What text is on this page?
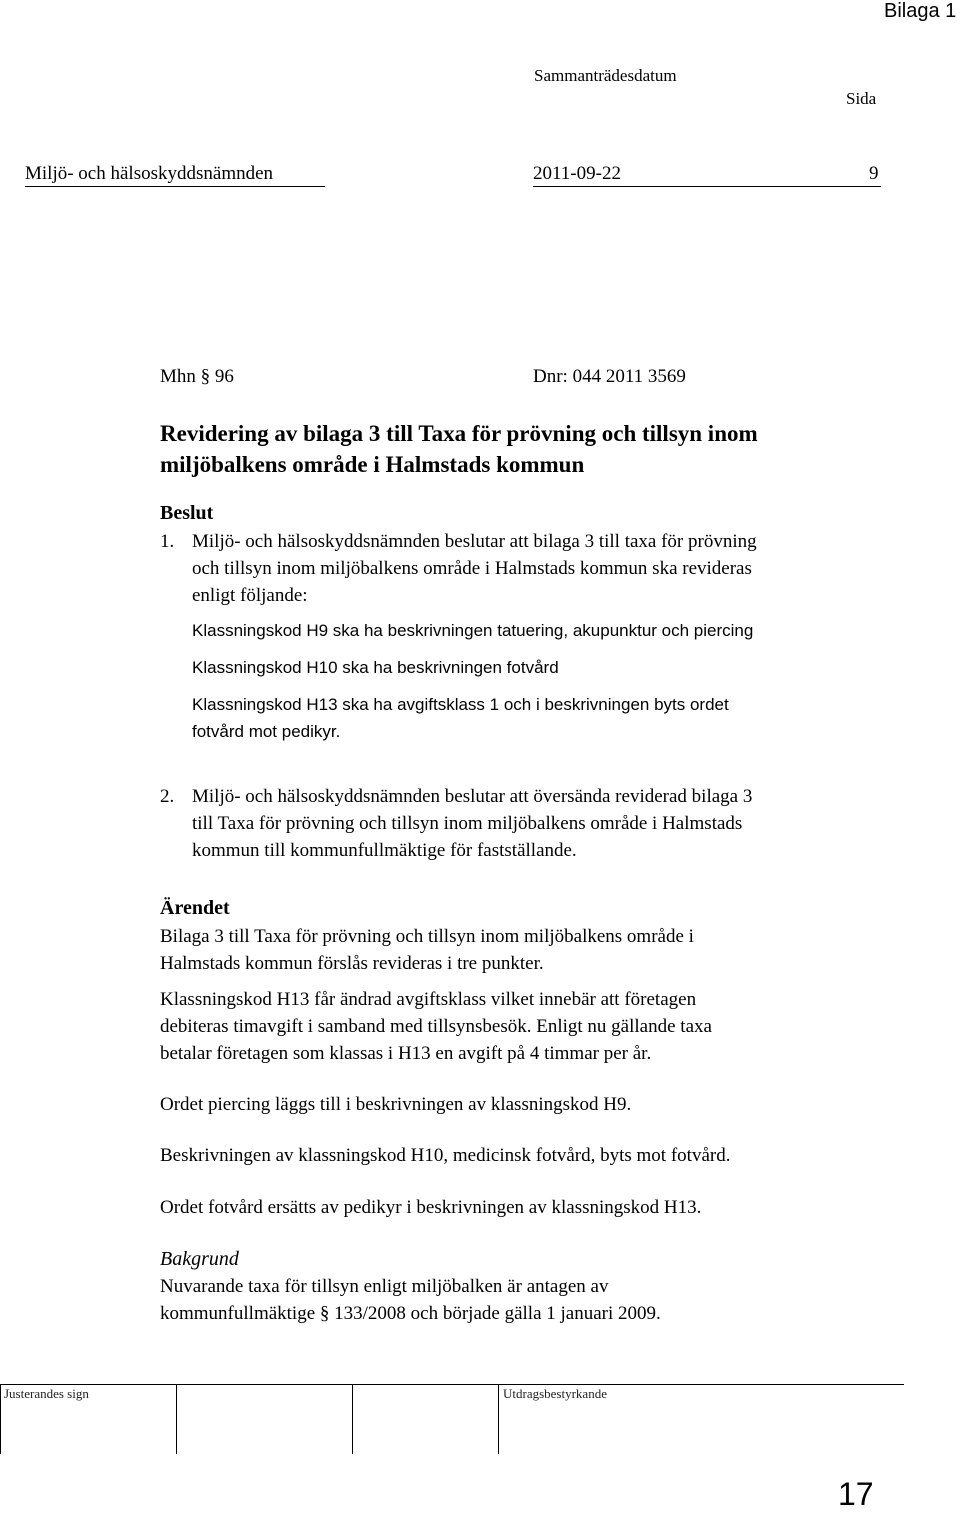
Bilaga 1
Sammanträdesdatum
Sida
Miljö- och hälsoskyddsnämnden	2011-09-22	9
Mhn § 96	Dnr: 044 2011 3569
Revidering av bilaga 3 till Taxa för prövning och tillsyn inom
miljöbalkens område i Halmstads kommun
Beslut
1. Miljö- och hälsoskyddsnämnden beslutar att bilaga 3 till taxa för prövning
och tillsyn inom miljöbalkens område i Halmstads kommun ska revideras
enligt följande:
Klassningskod H9 ska ha beskrivningen tatuering, akupunktur och piercing
Klassningskod H10 ska ha beskrivningen fotvård
Klassningskod H13 ska ha avgiftsklass 1 och i beskrivningen byts ordet
fotvård mot pedikyr.
2. Miljö- och hälsoskyddsnämnden beslutar att översända reviderad bilaga 3
till Taxa för prövning och tillsyn inom miljöbalkens område i Halmstads
kommun till kommunfullmäktige för fastställande.
Ärendet
Bilaga 3 till Taxa för prövning och tillsyn inom miljöbalkens område i
Halmstads kommun förslås revideras i tre punkter.
Klassningskod H13 får ändrad avgiftsklass vilket innebär att företagen
debiteras timavgift i samband med tillsynsbesök. Enligt nu gällande taxa
betalar företagen som klassas i H13 en avgift på 4 timmar per år.
Ordet piercing läggs till i beskrivningen av klassningskod H9.
Beskrivningen av klassningskod H10, medicinsk fotvård, byts mot fotvård.
Ordet fotvård ersätts av pedikyr i beskrivningen av klassningskod H13.
Bakgrund
Nuvarande taxa för tillsyn enligt miljöbalken är antagen av
kommunfullmäktige § 133/2008 och började gälla 1 januari 2009.
Justerandes sign	Utdragsbestyrkande
17
